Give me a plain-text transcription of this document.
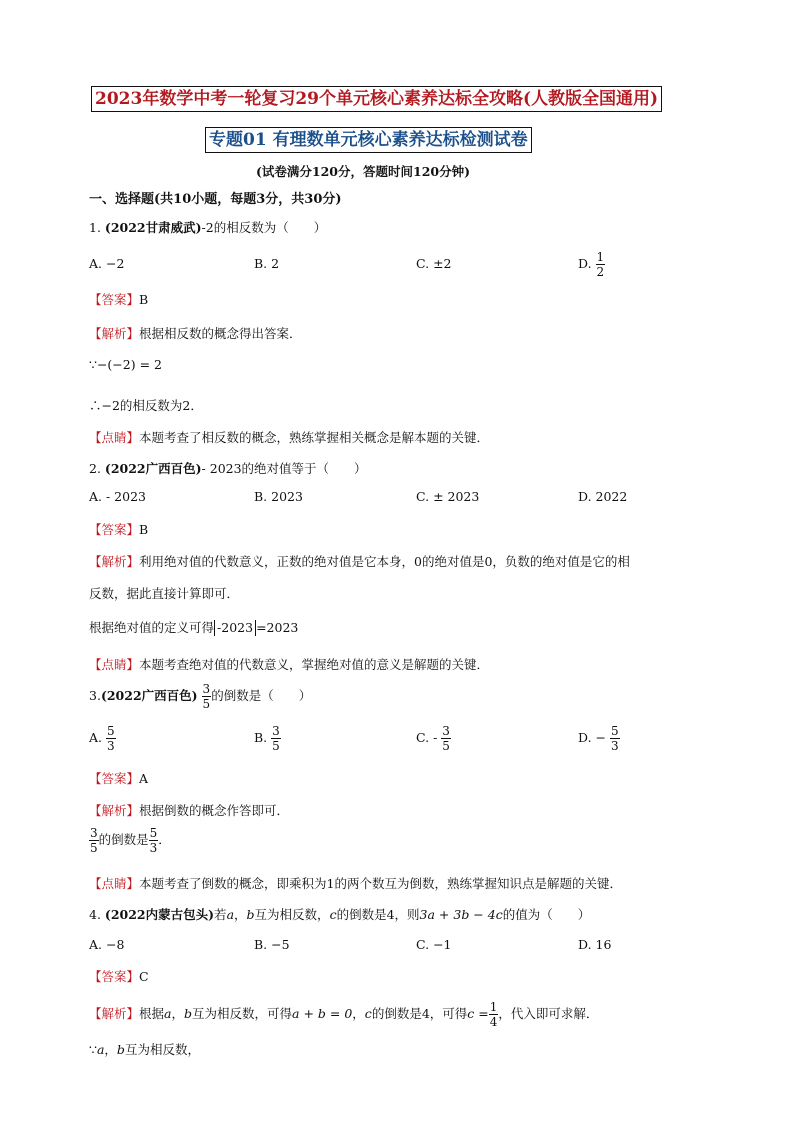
2023年数学中考一轮复习29个单元核心素养达标全攻略(人教版全国通用)
专题01 有理数单元核心素养达标检测试卷
(试卷满分120分，答题时间120分钟)
一、选择题(共10小题，每题3分，共30分)
1. (2022甘肃威武)-2的相反数为（　　）
A. −2	B. 2	C. ±2	D. $\frac{1}{2}$
【答案】B
【解析】根据相反数的概念得出答案．
∵−(−2) = 2
∴−2的相反数为2．
【点睛】本题考查了相反数的概念，熟练掌握相关概念是解本题的关键．
2. (2022广西百色)- 2023的绝对值等于（　　）
A. - 2023	B. 2023	C. ± 2023	D. 2022
【答案】B
【解析】利用绝对值的代数意义，正数的绝对值是它本身，0的绝对值是0，负数的绝对值是它的相
反数，据此直接计算即可．
根据绝对值的定义可得 -2023 =2023
【点睛】本题考查绝对值的代数意义，掌握绝对值的意义是解题的关键．
3.(2022广西百色) $\frac{3}{5}$ 的倒数是（　　）
A. $\frac{5}{3}$	B. $\frac{3}{5}$	C. - $\frac{3}{5}$	D. − $\frac{5}{3}$
【答案】A
【解析】根据倒数的概念作答即可．
$\frac{3}{5}$ 的倒数是 $\frac{5}{3}$ ．
【点睛】本题考查了倒数的概念，即乘积为1的两个数互为倒数，熟练掌握知识点是解题的关键．
4. (2022内蒙古包头)若a，b互为相反数，c的倒数是4，则3a + 3b − 4c的值为（　　）
A. −8	B. −5	C. −1	D. 16
【答案】C
【解析】根据a，b互为相反数，可得a + b = 0，c的倒数是4，可得$c = \frac{1}{4}$ ，代入即可求解．
∵a，b互为相反数，
